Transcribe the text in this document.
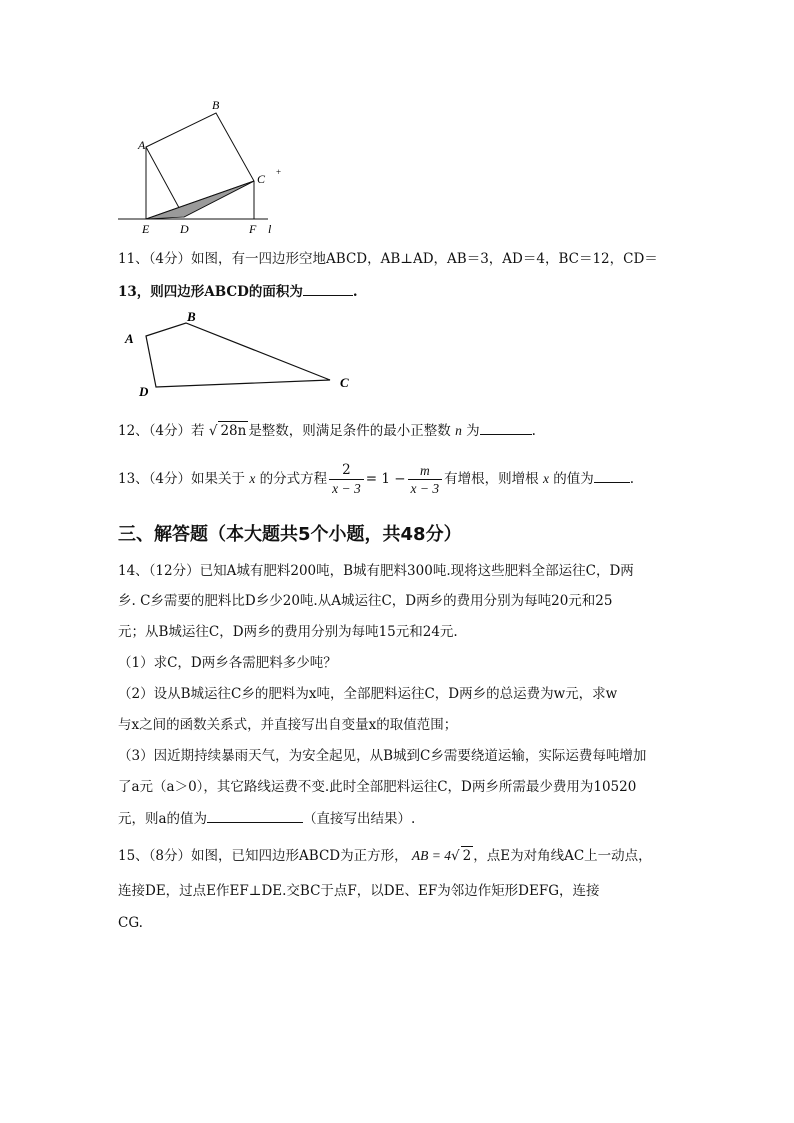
A
B
C +
E	D	F l
11、（4分）如图，有一四边形空地ABCD，AB⊥AD，AB＝3，AD＝4，BC＝12，CD＝
13，则四边形ABCD的面积为	.
A
B
C
D
12、（4分）若 √ 28n 是整数，则满足条件的最小正整数 n 为	.
13、（4分）如果关于 x 的分式方程 $\frac{2}{x - 3} = 1 - \frac{m}{x - 3}$ 有增根，则增根 x 的值为	.
三、解答题（本大题共5个小题，共48分）
14、（12分）已知A城有肥料200吨，B城有肥料300吨.现将这些肥料全部运往C，D两
乡. C乡需要的肥料比D乡少20吨.从A城运往C，D两乡的费用分别为每吨20元和25
元；从B城运往C，D两乡的费用分别为每吨15元和24元.
（1）求C，D两乡各需肥料多少吨？
（2）设从B城运往C乡的肥料为x吨，全部肥料运往C，D两乡的总运费为w元，求w
与x之间的函数关系式，并直接写出自变量x的取值范围；
（3）因近期持续暴雨天气，为安全起见，从B城到C乡需要绕道运输，实际运费每吨增加
了a元（a＞0），其它路线运费不变.此时全部肥料运往C，D两乡所需最少费用为10520
元，则a的值为	（直接写出结果）.
15、（8分）如图，已知四边形ABCD为正方形， AB = 4√ 2 ，点E为对角线AC上一动点，
连接DE，过点E作EF⊥DE.交BC于点F，以DE、EF为邻边作矩形DEFG，连接
CG.
